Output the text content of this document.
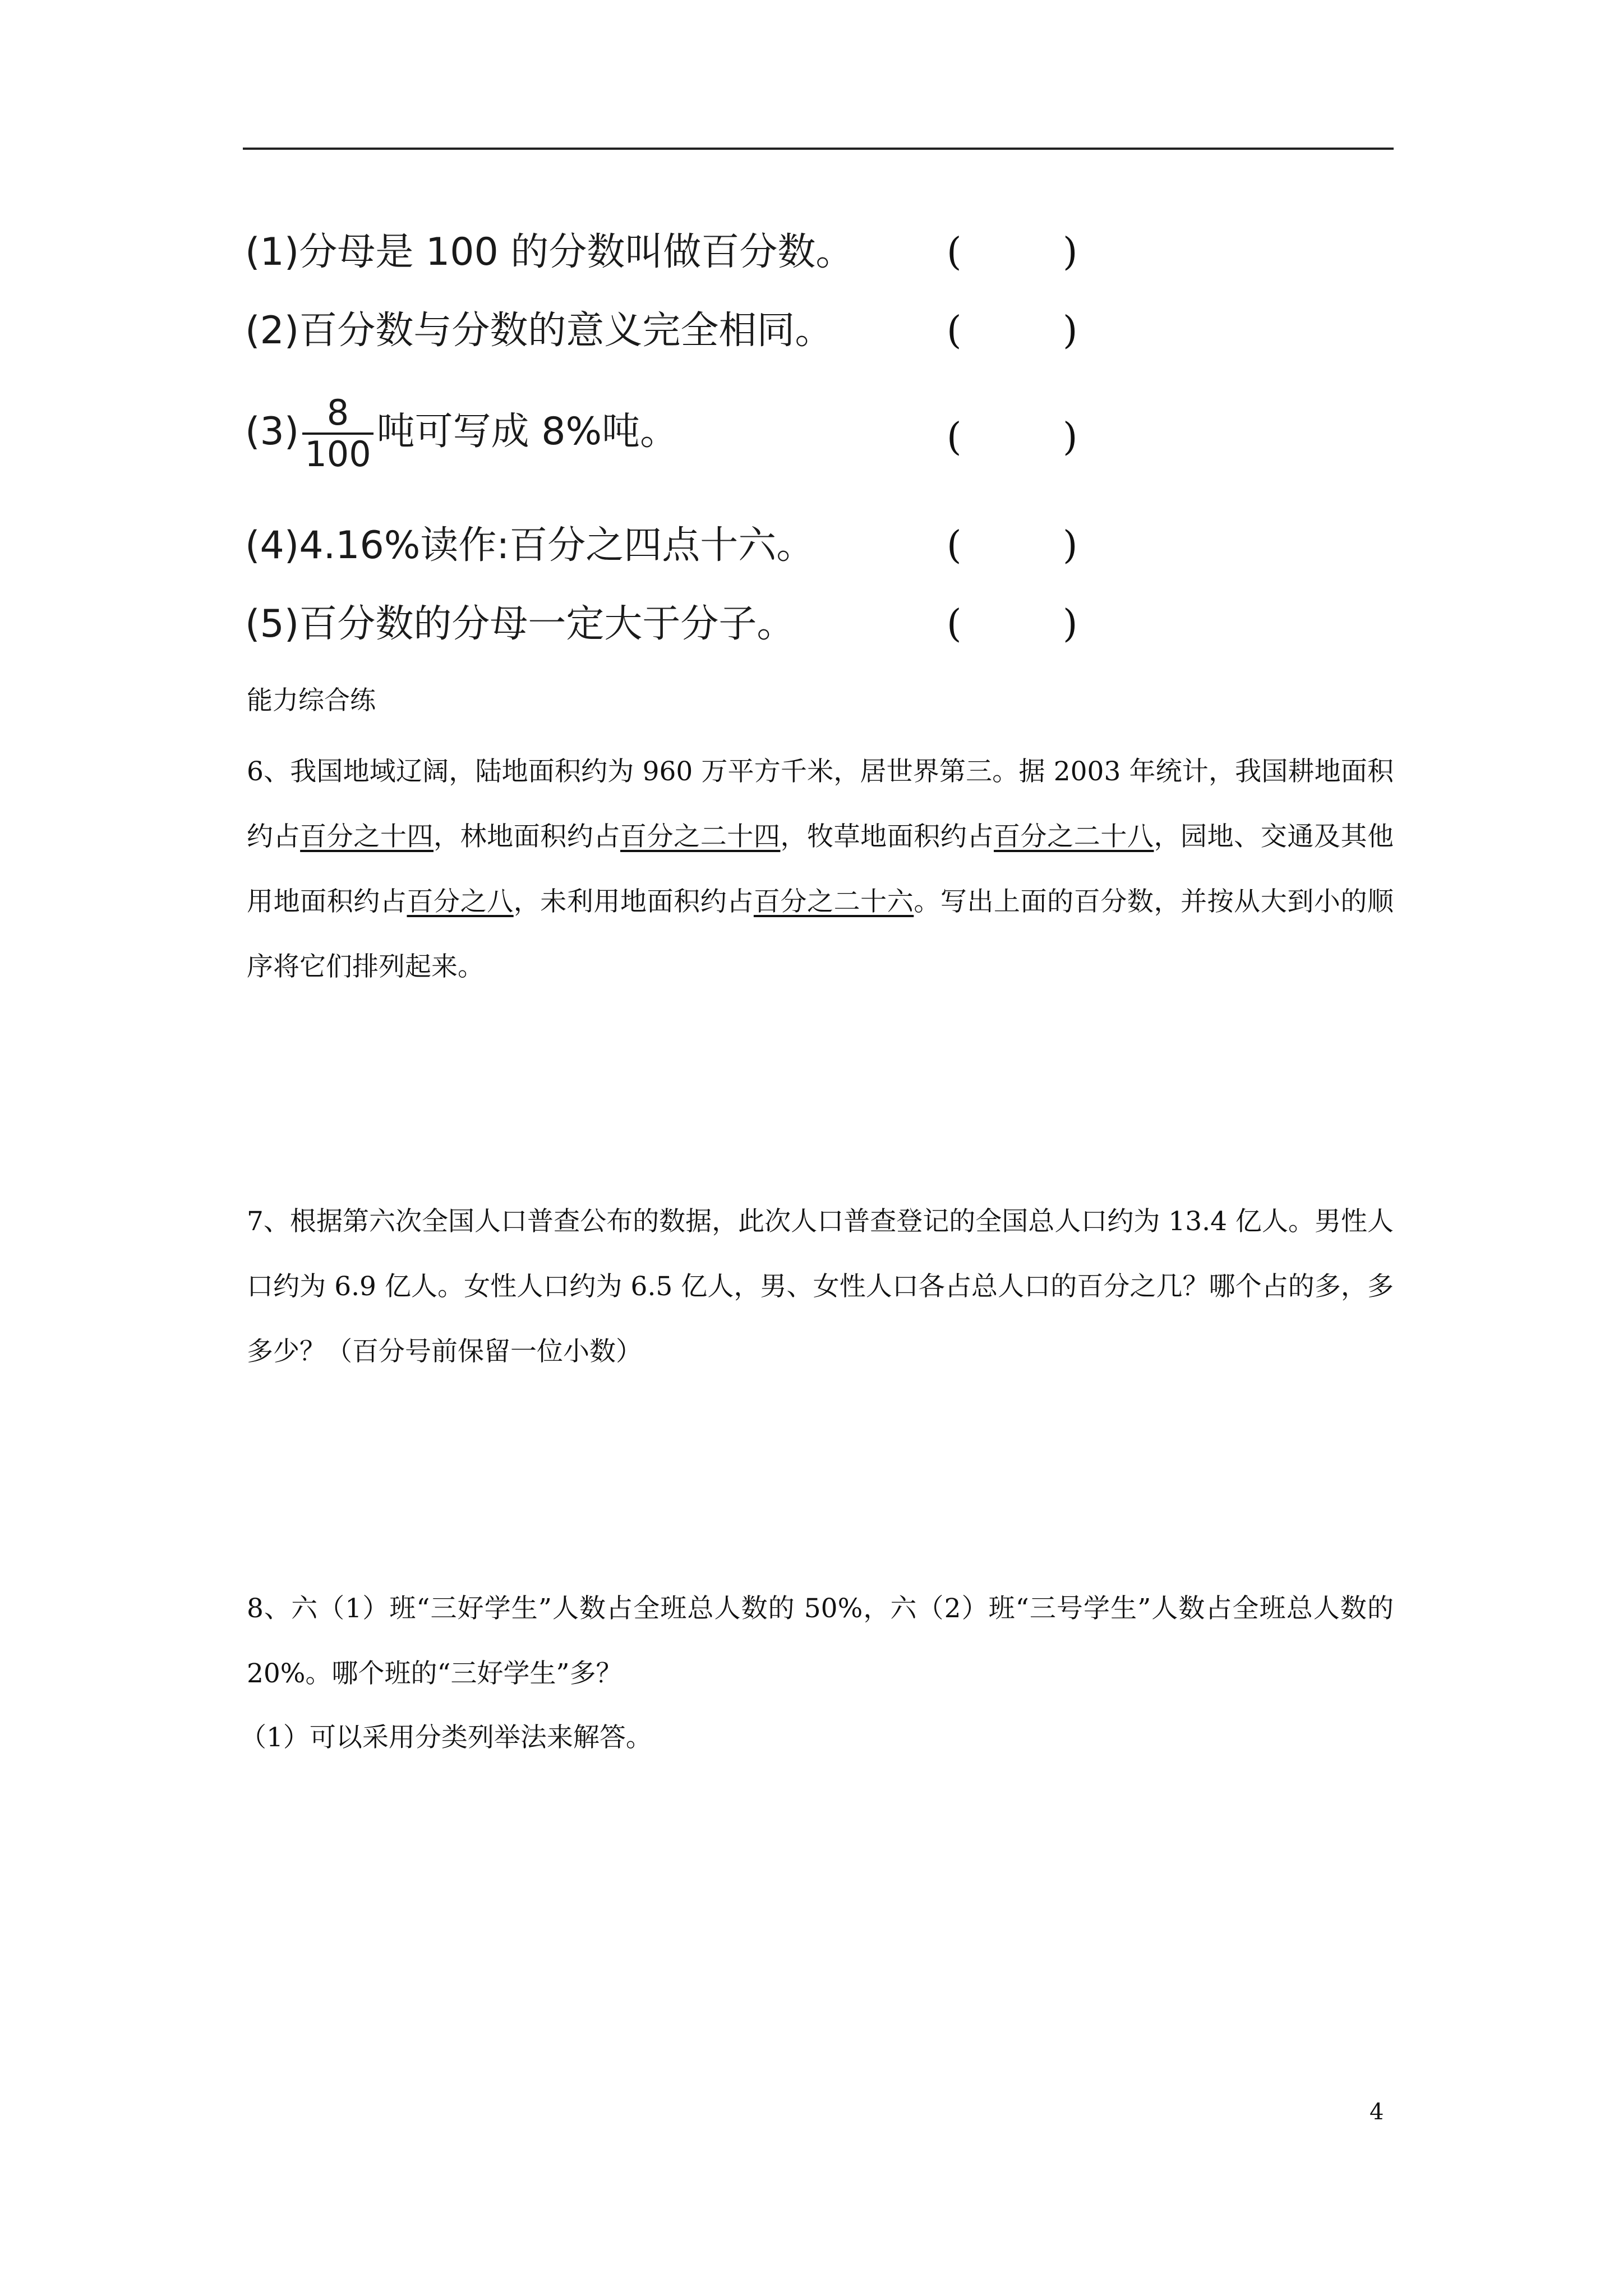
(1)分母是 100 的分数叫做百分数。 (	)
(2)百分数与分数的意义完全相同。	(	)
$(3) \frac{8}{100}$ 吨可写成 8%吨。	(	)
(4)4.16%读作:百分之四点十六。	(	)
(5)百分数的分母一定大于分子。	(	)
能力综合练
6、我国地域辽阔，陆地面积约为 960 万平方千米，居世界第三。据 2003 年统计，我国耕地面积约占百分之十四，林地面积约占百分之二十四，牧草地面积约占百分之二十八，园地、交通及其他用地面积约占百分之八，未利用地面积约占百分之二十六。写出上面的百分数，并按从大到小的顺序将它们排列起来。
7、根据第六次全国人口普查公布的数据，此次人口普查登记的全国总人口约为 13.4 亿人。男性人口约为 6.9 亿人。女性人口约为 6.5 亿人，男、女性人口各占总人口的百分之几？哪个占的多，多多少？（百分号前保留一位小数）
8、六（1）班“三好学生”人数占全班总人数的 50%，六（2）班“三号学生”人数占全班总人数的 20%。哪个班的“三好学生”多？
（1）可以采用分类列举法来解答。
4
